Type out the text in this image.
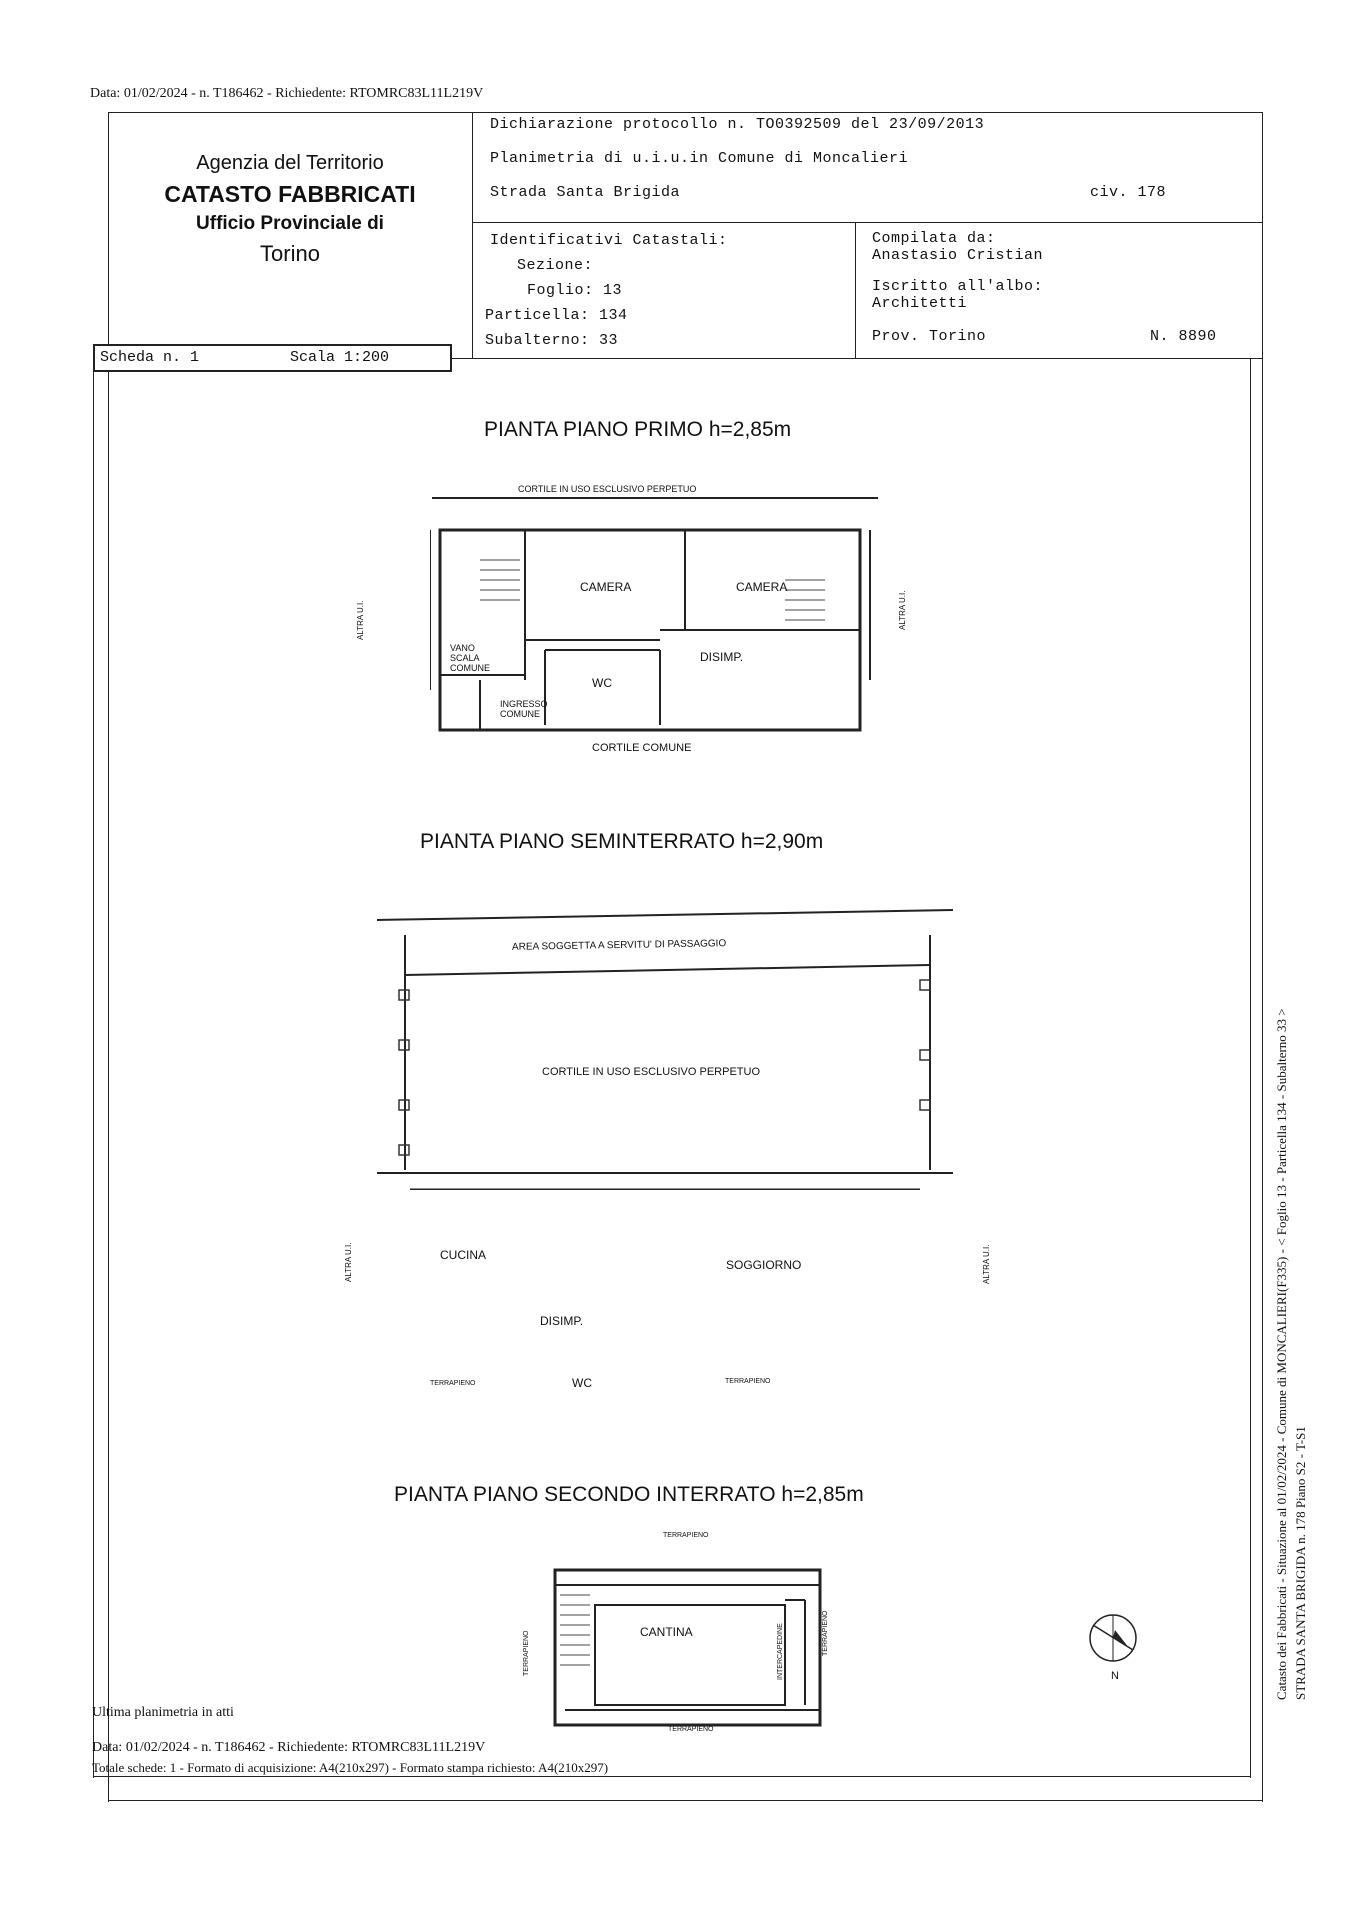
Data: 01/02/2024 - n. T186462 - Richiedente: RTOMRC83L11L219V
Agenzia del Territorio
CATASTO FABBRICATI
Ufficio Provinciale di
Torino
Dichiarazione protocollo n. TO0392509 del 23/09/2013
Planimetria di u.i.u.in Comune di Moncalieri
Strada Santa Brigida	civ. 178
Identificativi Catastali:
Sezione:
Foglio: 13
Particella: 134
Subalterno: 33
Compilata da:
Anastasio Cristian
Iscritto all'albo:
Architetti
Prov. Torino	N. 8890
Scheda n. 1	Scala 1:200
PIANTA PIANO PRIMO h=2,85m
CORTILE IN USO ESCLUSIVO PERPETUO
CAMERA	CAMERA
WC
DISIMP.
VANO SCALA COMUNE
INGRESSO COMUNE
CORTILE COMUNE
ALTRA U.I.	ALTRA U.I.
PIANTA PIANO SEMINTERRATO h=2,90m
AREA SOGGETTA A SERVITU' DI PASSAGGIO
CORTILE IN USO ESCLUSIVO PERPETUO
CUCINA
SOGGIORNO
DISIMP.
WC
TERRAPIENO	TERRAPIENO
ALTRA U.I.	ALTRA U.I.
PIANTA PIANO SECONDO INTERRATO h=2,85m
TERRAPIENO
CANTINA	INTERCAPEDINE
TERRAPIENO
TERRAPIENO	TERRAPIENO
N	Catasto dei Fabbricati - Situazione al 01/02/2024 - Comune di MONCALIERI(F335) - < Foglio 13 - Particella 134 - Subalterno 33 > STRADA SANTA BRIGIDA n. 178 Piano S2 - T-S1
Ultima planimetria in atti
Data: 01/02/2024 - n. T186462 - Richiedente: RTOMRC83L11L219V
Totale schede: 1 - Formato di acquisizione: A4(210x297) - Formato stampa richiesto: A4(210x297)
